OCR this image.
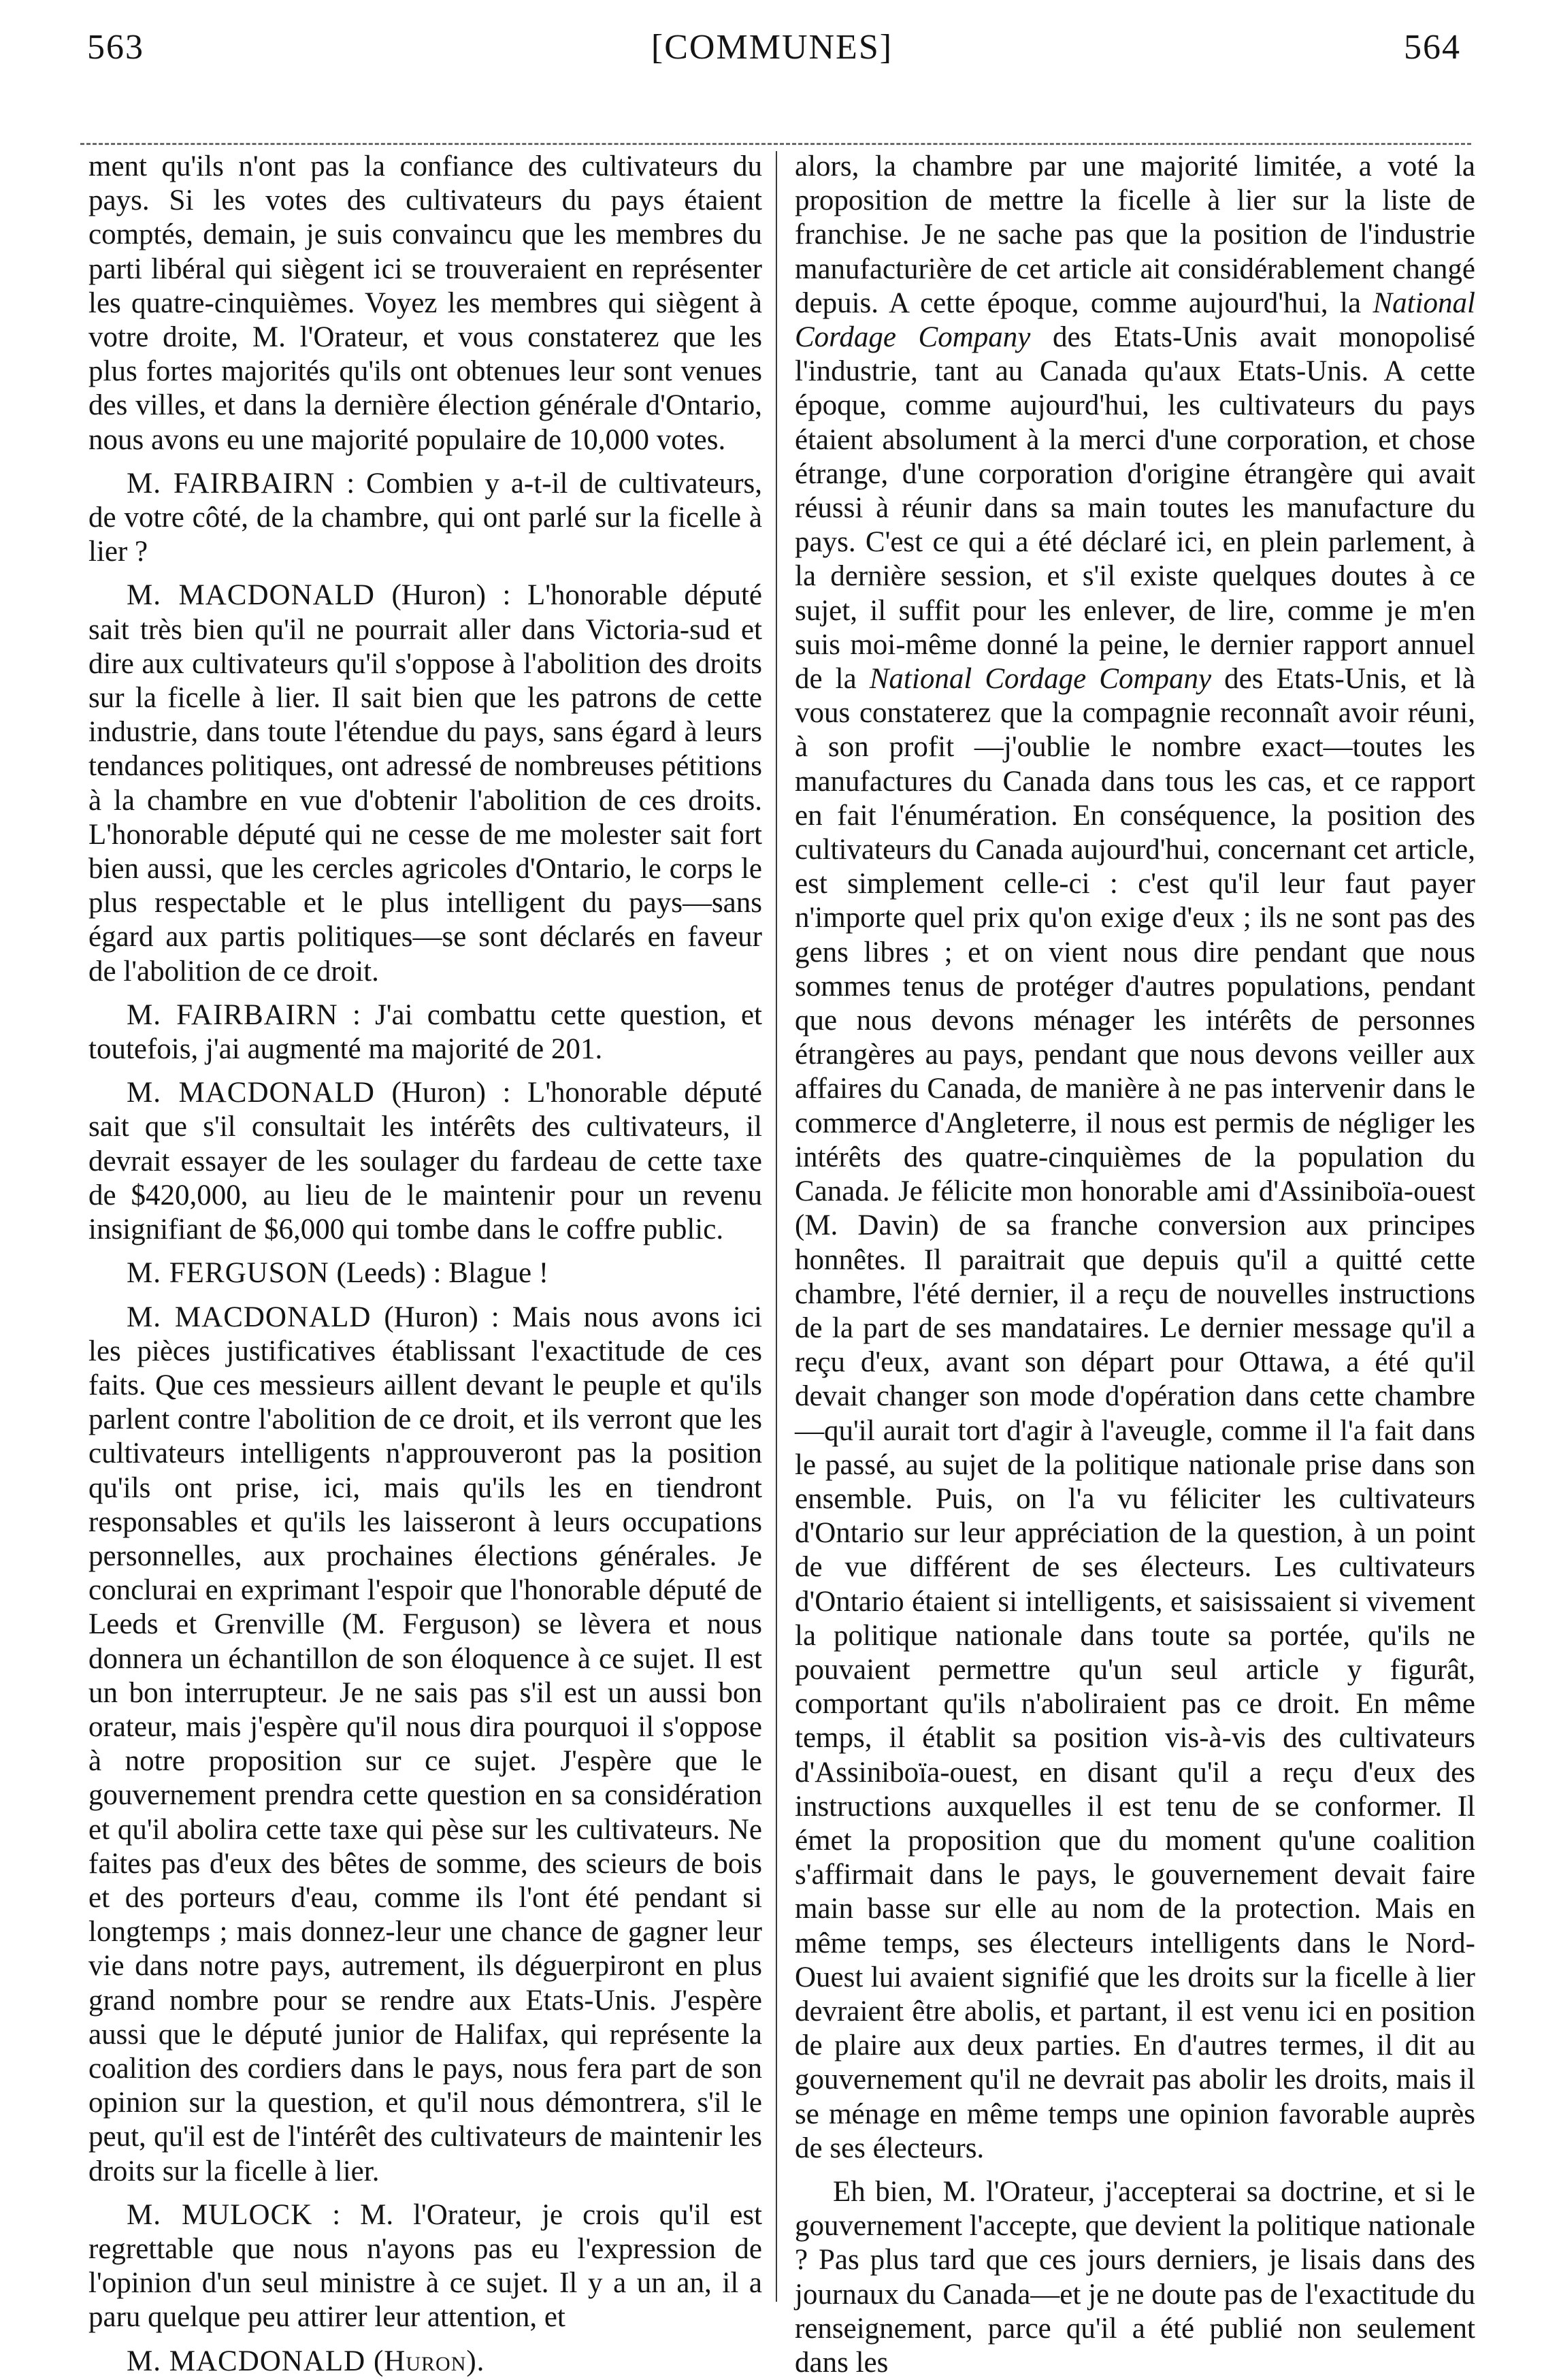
563	[COMMUNES]	564

ment qu'ils n'ont pas la confiance des cultivateurs du pays. Si les votes des cultivateurs du pays étaient comptés, demain, je suis convaincu que les membres du parti libéral qui siègent ici se trouveraient en représenter les quatre-cinquièmes. Voyez les membres qui siègent à votre droite, M. l'Orateur, et vous constaterez que les plus fortes majorités qu'ils ont obtenues leur sont venues des villes, et dans la dernière élection générale d'Ontario, nous avons eu une majorité populaire de 10,000 votes.

M. FAIRBAIRN : Combien y a-t-il de cultivateurs, de votre côté, de la chambre, qui ont parlé sur la ficelle à lier ?

M. MACDONALD (Huron) : L'honorable député sait très bien qu'il ne pourrait aller dans Victoria-sud et dire aux cultivateurs qu'il s'oppose à l'abolition des droits sur la ficelle à lier. Il sait bien que les patrons de cette industrie, dans toute l'étendue du pays, sans égard à leurs tendances politiques, ont adressé de nombreuses pétitions à la chambre en vue d'obtenir l'abolition de ces droits. L'honorable député qui ne cesse de me molester sait fort bien aussi, que les cercles agricoles d'Ontario, le corps le plus respectable et le plus intelligent du pays—sans égard aux partis politiques—se sont déclarés en faveur de l'abolition de ce droit.

M. FAIRBAIRN : J'ai combattu cette question, et toutefois, j'ai augmenté ma majorité de 201.

M. MACDONALD (Huron) : L'honorable député sait que s'il consultait les intérêts des cultivateurs, il devrait essayer de les soulager du fardeau de cette taxe de $420,000, au lieu de le maintenir pour un revenu insignifiant de $6,000 qui tombe dans le coffre public.

M. FERGUSON (Leeds) : Blague !

M. MACDONALD (Huron) : Mais nous avons ici les pièces justificatives établissant l'exactitude de ces faits. Que ces messieurs aillent devant le peuple et qu'ils parlent contre l'abolition de ce droit, et ils verront que les cultivateurs intelligents n'approuveront pas la position qu'ils ont prise, ici, mais qu'ils les en tiendront responsables et qu'ils les laisseront à leurs occupations personnelles, aux prochaines élections générales. Je conclurai en exprimant l'espoir que l'honorable député de Leeds et Grenville (M. Ferguson) se lèvera et nous donnera un échantillon de son éloquence à ce sujet. Il est un bon interrupteur. Je ne sais pas s'il est un aussi bon orateur, mais j'espère qu'il nous dira pourquoi il s'oppose à notre proposition sur ce sujet. J'espère que le gouvernement prendra cette question en sa considération et qu'il abolira cette taxe qui pèse sur les cultivateurs. Ne faites pas d'eux des bêtes de somme, des scieurs de bois et des porteurs d'eau, comme ils l'ont été pendant si longtemps ; mais donnez-leur une chance de gagner leur vie dans notre pays, autrement, ils déguerpiront en plus grand nombre pour se rendre aux Etats-Unis. J'espère aussi que le député junior de Halifax, qui représente la coalition des cordiers dans le pays, nous fera part de son opinion sur la question, et qu'il nous démontrera, s'il le peut, qu'il est de l'intérêt des cultivateurs de maintenir les droits sur la ficelle à lier.

M. MULOCK : M. l'Orateur, je crois qu'il est regrettable que nous n'ayons pas eu l'expression de l'opinion d'un seul ministre à ce sujet. Il y a un an, il a paru quelque peu attirer leur attention, et

M. MACDONALD (Huron).

alors, la chambre par une majorité limitée, a voté la proposition de mettre la ficelle à lier sur la liste de franchise. Je ne sache pas que la position de l'industrie manufacturière de cet article ait considérablement changé depuis. A cette époque, comme aujourd'hui, la National Cordage Company des Etats-Unis avait monopolisé l'industrie, tant au Canada qu'aux Etats-Unis. A cette époque, comme aujourd'hui, les cultivateurs du pays étaient absolument à la merci d'une corporation, et chose étrange, d'une corporation d'origine étrangère qui avait réussi à réunir dans sa main toutes les manufacture du pays. C'est ce qui a été déclaré ici, en plein parlement, à la dernière session, et s'il existe quelques doutes à ce sujet, il suffit pour les enlever, de lire, comme je m'en suis moi-même donné la peine, le dernier rapport annuel de la National Cordage Company des Etats-Unis, et là vous constaterez que la compagnie reconnaît avoir réuni, à son profit —j'oublie le nombre exact—toutes les manufactures du Canada dans tous les cas, et ce rapport en fait l'énumération. En conséquence, la position des cultivateurs du Canada aujourd'hui, concernant cet article, est simplement celle-ci : c'est qu'il leur faut payer n'importe quel prix qu'on exige d'eux ; ils ne sont pas des gens libres ; et on vient nous dire pendant que nous sommes tenus de protéger d'autres populations, pendant que nous devons ménager les intérêts de personnes étrangères au pays, pendant que nous devons veiller aux affaires du Canada, de manière à ne pas intervenir dans le commerce d'Angleterre, il nous est permis de négliger les intérêts des quatre-cinquièmes de la population du Canada. Je félicite mon honorable ami d'Assiniboïa-ouest (M. Davin) de sa franche conversion aux principes honnêtes. Il paraitrait que depuis qu'il a quitté cette chambre, l'été dernier, il a reçu de nouvelles instructions de la part de ses mandataires. Le dernier message qu'il a reçu d'eux, avant son départ pour Ottawa, a été qu'il devait changer son mode d'opération dans cette chambre —qu'il aurait tort d'agir à l'aveugle, comme il l'a fait dans le passé, au sujet de la politique nationale prise dans son ensemble. Puis, on l'a vu féliciter les cultivateurs d'Ontario sur leur appréciation de la question, à un point de vue différent de ses électeurs. Les cultivateurs d'Ontario étaient si intelligents, et saisissaient si vivement la politique nationale dans toute sa portée, qu'ils ne pouvaient permettre qu'un seul article y figurât, comportant qu'ils n'aboliraient pas ce droit. En même temps, il établit sa position vis-à-vis des cultivateurs d'Assiniboïa-ouest, en disant qu'il a reçu d'eux des instructions auxquelles il est tenu de se conformer. Il émet la proposition que du moment qu'une coalition s'affirmait dans le pays, le gouvernement devait faire main basse sur elle au nom de la protection. Mais en même temps, ses électeurs intelligents dans le Nord-Ouest lui avaient signifié que les droits sur la ficelle à lier devraient être abolis, et partant, il est venu ici en position de plaire aux deux parties. En d'autres termes, il dit au gouvernement qu'il ne devrait pas abolir les droits, mais il se ménage en même temps une opinion favorable auprès de ses électeurs.

Eh bien, M. l'Orateur, j'accepterai sa doctrine, et si le gouvernement l'accepte, que devient la politique nationale ? Pas plus tard que ces jours derniers, je lisais dans des journaux du Canada—et je ne doute pas de l'exactitude du renseignement, parce qu'il a été publié non seulement dans les
